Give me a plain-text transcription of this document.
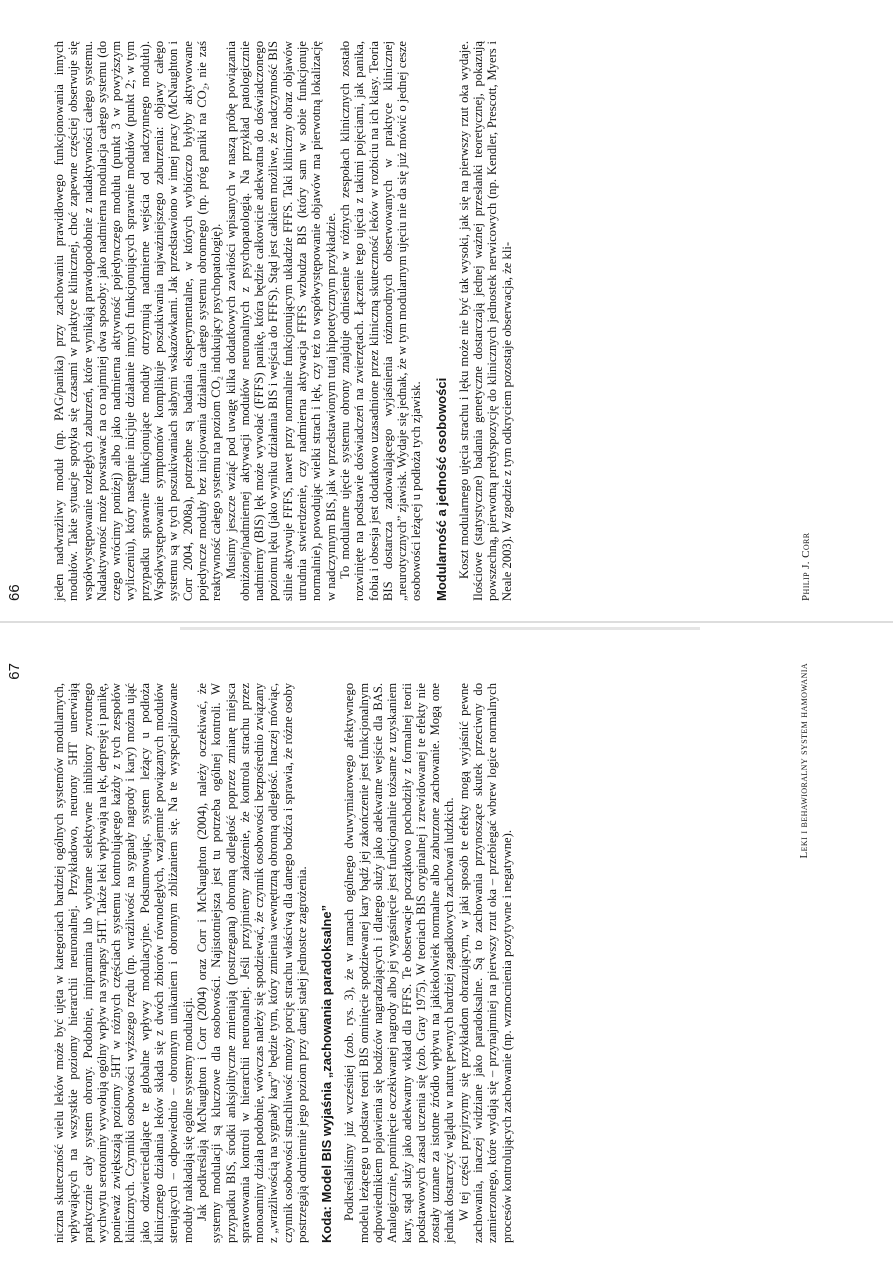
66	Philip J. Corr

jeden nadwrażliwy moduł (np. PAG/panika) przy zachowaniu prawidłowego funkcjonowania innych modułów. Takie sytuacje spotyka się czasami w praktyce klinicznej, choć zapewne częściej obserwuje się współwystępowanie rozległych zaburzeń, które wynikają prawdopodobnie z nadaktywności całego systemu. Nadaktywność może powstawać na co najmniej dwa sposoby: jako nadmierna modulacja całego systemu (do czego wrócimy poniżej) albo jako nadmierna aktywność pojedynczego modułu (punkt 3 w powyższym wyliczeniu), który następnie inicjuje działanie innych funkcjonujących sprawnie modułów (punkt 2; w tym przypadku sprawnie funkcjonujące moduły otrzymują nadmierne wejścia od nadczynnego modułu). Współwystępowanie symptomów komplikuje poszukiwania najważniejszego zaburzenia: objawy całego systemu są w tych poszukiwaniach słabymi wskazówkami. Jak przedstawiono w innej pracy (McNaughton i Corr 2004, 2008a), potrzebne są badania eksperymentalne, w których wybiórczo byłyby aktywowane pojedyncze moduły bez inicjowania działania całego systemu obronnego (np. próg paniki na CO₂, nie zaś reaktywność całego systemu na poziom CO₂ indukujący psychopatologię). Musimy jeszcze wziąć pod uwagę kilka dodatkowych zawiłości wpisanych w naszą próbę powiązania obniżonej/nadmiernej aktywacji modułów neuronalnych z psychopatologią. Na przykład patologicznie nadmierny (BIS) lęk może wywołać (FFFS) panikę, która będzie całkowicie adekwatna do doświadczonego poziomu lęku (jako wyniku działania BIS i wejścia do FFFS). Stąd jest całkiem możliwe, że nadczynność BIS silnie aktywuje FFFS, nawet przy normalnie funkcjonującym układzie FFFS. Taki kliniczny obraz objawów utrudnia stwierdzenie, czy nadmierna aktywacja FFFS wzbudza BIS (który sam w sobie funkcjonuje normalnie), powodując wielki strach i lęk, czy też to współwystępowanie objawów ma pierwotną lokalizację w nadczynnym BIS, jak w przedstawionym tutaj hipotetycznym przykładzie. To modularne ujęcie systemu obrony znajduje odniesienie w różnych zespołach klinicznych zostało rozwinięte na podstawie doświadczeń na zwierzętach. Łączenie tego ujęcia z takimi pojęciami, jak panika, fobia i obsesja jest dodatkowo uzasadnione przez kliniczną skuteczność leków w rozbiciu na ich klasy. Teoria BIS dostarcza zadowalającego wyjaśnienia różnorodnych obserwowanych w praktyce klinicznej „neurotycznych” zjawisk. Wydaje się jednak, że w tym modularnym ujęciu nie da się już mówić o jednej cesze osobowości leżącej u podłoża tych zjawisk. Modularność a jedność osobowości Koszt modularnego ujęcia strachu i lęku może nie być tak wysoki, jak się na pierwszy rzut oka wydaje. Ilościowe (statystyczne) badania genetyczne dostarczają jednej ważnej przesłanki teoretycznej, pokazują powszechną, pierwotną predyspozycję do klinicznych jednostek nerwicowych (np. Kendler, Prescott, Myers i Neale 2003). W zgodzie z tym odkryciem pozostaje obserwacja, że kli-

67	Leki i behawioralny system hamowania

niczna skuteczność wielu leków może być ujęta w kategoriach bardziej ogólnych systemów modularnych, wpływających na wszystkie poziomy hierarchii neuronalnej. Przykładowo, neurony 5HT unerwiają praktycznie cały system obrony. Podobnie, imipramina lub wybrane selektywne inhibitory zwrotnego wychwytu serotoniny wywołują ogólny wpływ na synapsy 5HT. Także leki wpływają na lęk, depresję i panikę, ponieważ zwiększają poziomy 5HT w różnych częściach systemu kontrolującego każdy z tych zespołów klinicznych. Czynniki osobowości wyższego rzędu (np. wrażliwość na sygnały nagrody i kary) można ująć jako odzwierciedlające te globalne wpływy modulacyjne. Podsumowując, system leżący u podłoża klinicznego działania leków składa się z dwóch zbiorów równoległych, wzajemnie powiązanych modułów sterujących – odpowiednio – obronnym unikaniem i obronnym zbliżaniem się. Na te wyspecjalizowane moduły nakładają się ogólne systemy modulacji. Jak podkreślają McNaughton i Corr (2004) oraz Corr i McNaughton (2004), należy oczekiwać, że systemy modulacji są kluczowe dla osobowości. Najistotniejsza jest tu potrzeba ogólnej kontroli. W przypadku BIS, środki anksjolityczne zmieniają (postrzeganą) obronną odległość poprzez zmianę miejsca sprawowania kontroli w hierarchii neuronalnej. Jeśli przyjmiemy założenie, że kontrola strachu przez monoaminy działa podobnie, wówczas należy się spodziewać, że czynnik osobowości bezpośrednio związany z „wrażliwością na sygnały kary” będzie tym, który zmienia wewnętrzną obronną odległość. Inaczej mówiąc, czynnik osobowości strachliwość mnoży porcję strachu właściwą dla danego bodźca i sprawia, że różne osoby postrzegają odmiennie jego poziom przy danej stałej jednostce zagrożenia. Koda: Model BIS wyjaśnia „zachowania paradoksalne” Podkreślaliśmy już wcześniej (zob. rys. 3), że w ramach ogólnego dwuwymiarowego afektywnego modelu leżącego u podstaw teorii BIS ominięcie spodziewanej kary bądź jej zakończenie jest funkcjonalnym odpowiednikiem pojawienia się bodźców nagradzających i dlatego służy jako adekwatne wejście dla BAS. Analogicznie, pominięcie oczekiwanej nagrody albo jej wygaśnięcie jest funkcjonalnie tożsame z uzyskaniem kary, stąd służy jako adekwatny wkład dla FFFS. Te obserwacje początkowo pochodziły z formalnej teorii podstawowych zasad uczenia się (zob. Gray 1975). W teoriach BIS oryginalnej i zrewidowanej te efekty nie zostały uznane za istotne źródło wpływu na jakiekolwiek normalne albo zaburzone zachowanie. Mogą one jednak dostarczyć wglądu w naturę pewnych bardziej zagadkowych zachowań ludzkich. W tej części przyjrzymy się przykładom obrazującym, w jaki sposób te efekty mogą wyjaśnić pewne zachowania, inaczej widziane jako paradoksalne. Są to zachowania przynoszące skutek przeciwny do zamierzonego, które wydają się – przynajmniej na pierwszy rzut oka – przebiegać wbrew logice normalnych procesów kontrolujących zachowanie (np. wzmocnienia pozytywne i negatywne).
